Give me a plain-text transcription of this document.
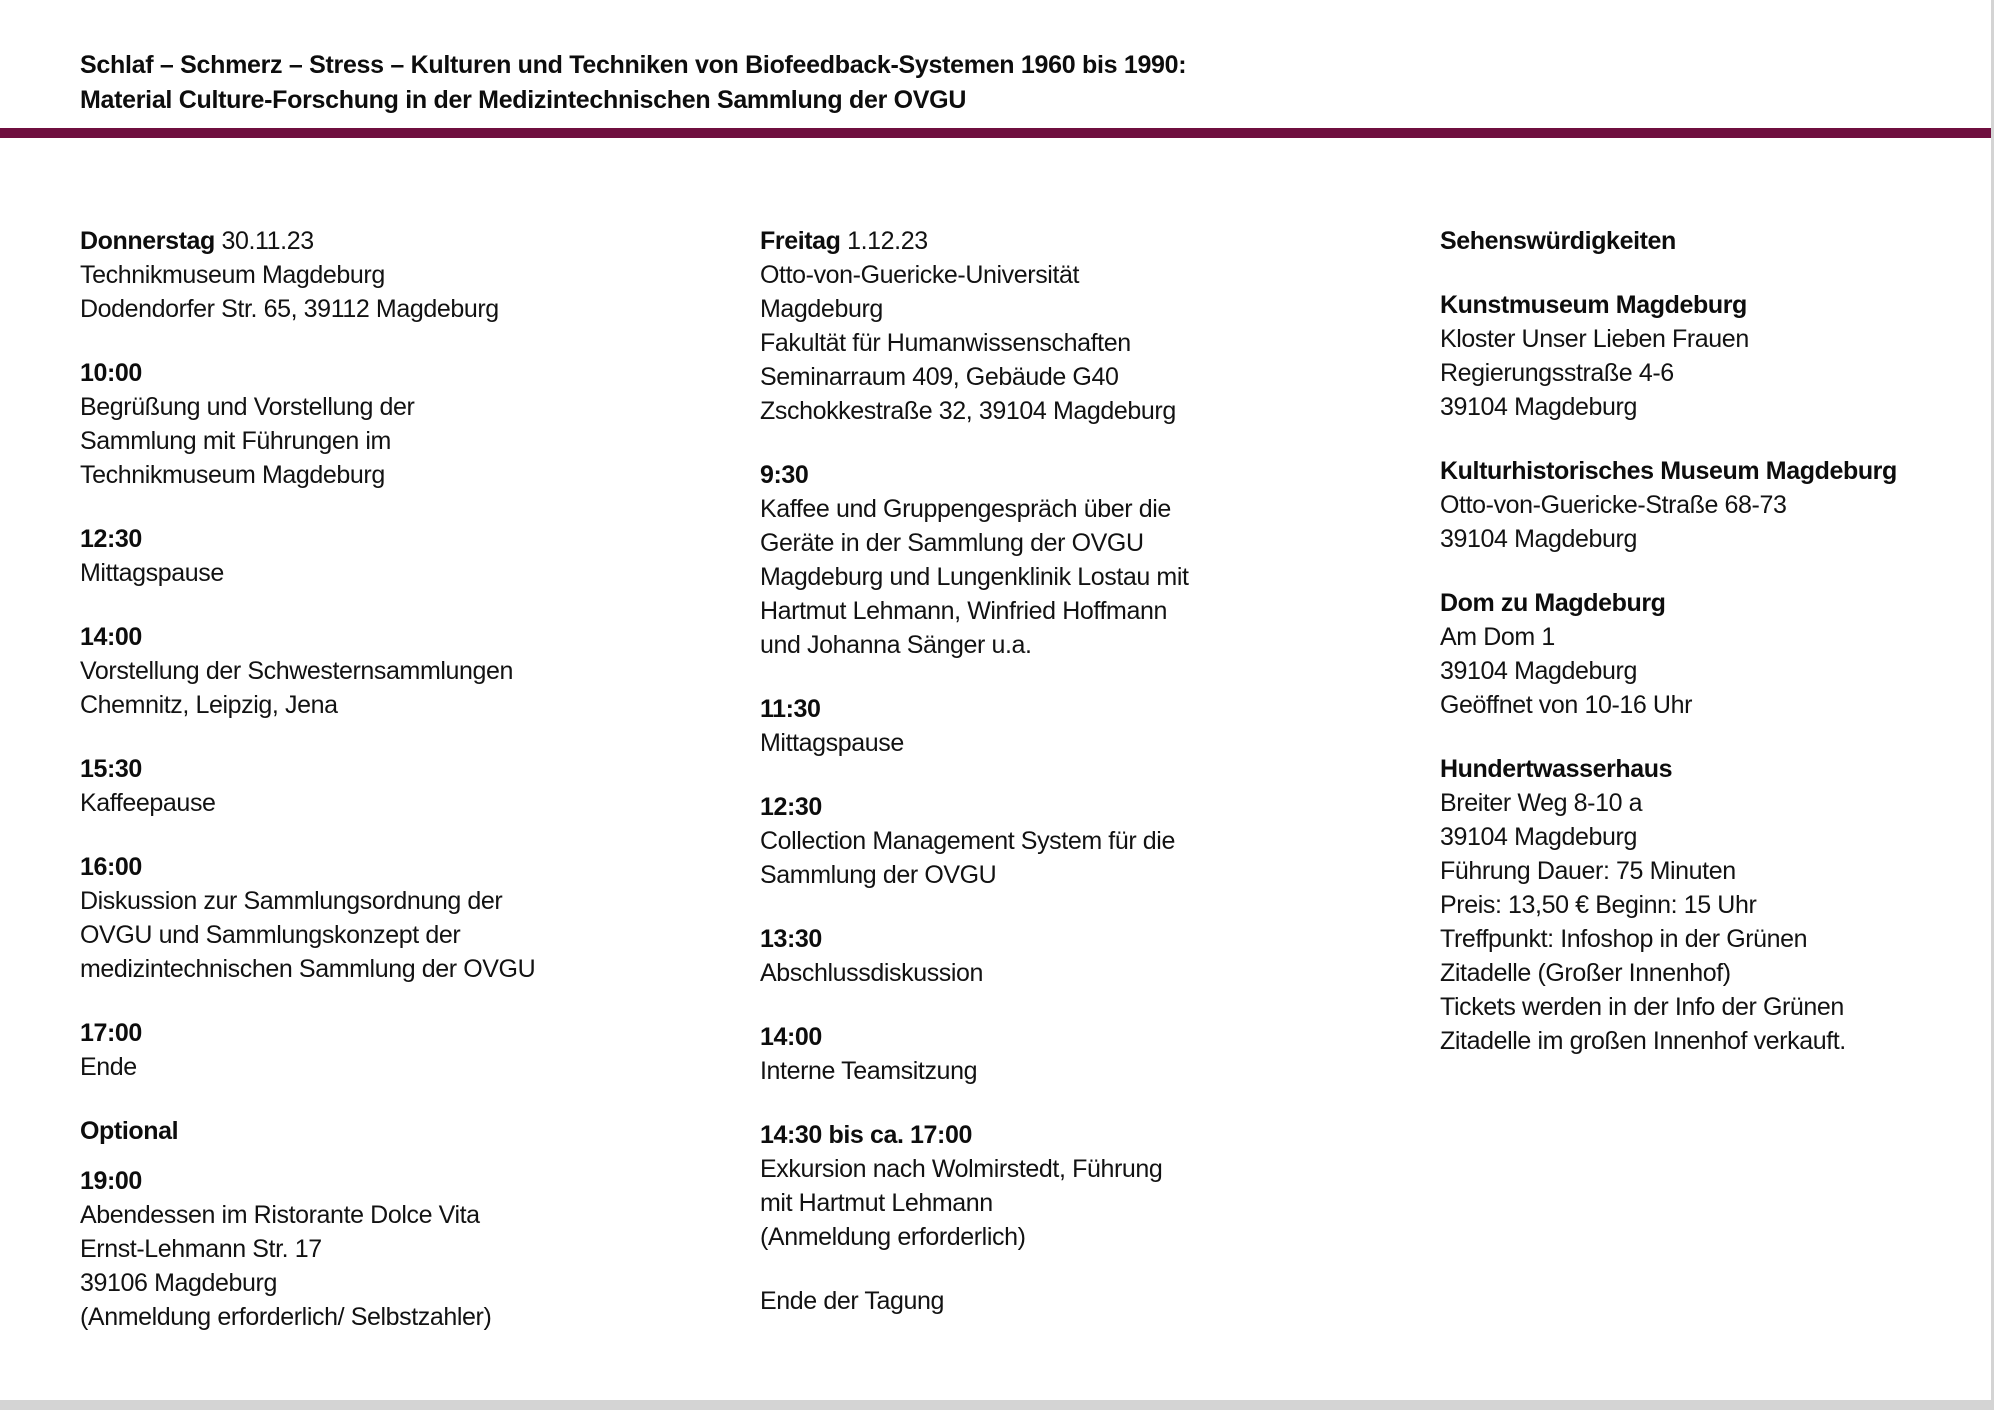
Schlaf – Schmerz – Stress – Kulturen und Techniken von Biofeedback-Systemen 1960 bis 1990:
Material Culture-Forschung in der Medizintechnischen Sammlung der OVGU
Donnerstag 30.11.23
Technikmuseum Magdeburg
Dodendorfer Str. 65, 39112 Magdeburg
10:00
Begrüßung und Vorstellung der
Sammlung mit Führungen im
Technikmuseum Magdeburg
12:30
Mittagspause
14:00
Vorstellung der Schwesternsammlungen
Chemnitz, Leipzig, Jena
15:30
Kaffeepause
16:00
Diskussion zur Sammlungsordnung der
OVGU und Sammlungskonzept der
medizintechnischen Sammlung der OVGU
17:00
Ende
Optional
19:00
Abendessen im Ristorante Dolce Vita
Ernst-Lehmann Str. 17
39106 Magdeburg
(Anmeldung erforderlich/ Selbstzahler)
Freitag 1.12.23
Otto-von-Guericke-Universität
Magdeburg
Fakultät für Humanwissenschaften
Seminarraum 409, Gebäude G40
Zschokkestraße 32, 39104 Magdeburg
9:30
Kaffee und Gruppengespräch über die
Geräte in der Sammlung der OVGU
Magdeburg und Lungenklinik Lostau mit
Hartmut Lehmann, Winfried Hoffmann
und Johanna Sänger u.a.
11:30
Mittagspause
12:30
Collection Management System für die
Sammlung der OVGU
13:30
Abschlussdiskussion
14:00
Interne Teamsitzung
14:30 bis ca. 17:00
Exkursion nach Wolmirstedt, Führung
mit Hartmut Lehmann
(Anmeldung erforderlich)
Ende der Tagung
Sehenswürdigkeiten
Kunstmuseum Magdeburg
Kloster Unser Lieben Frauen
Regierungsstraße 4-6
39104 Magdeburg
Kulturhistorisches Museum Magdeburg
Otto-von-Guericke-Straße 68-73
39104 Magdeburg
Dom zu Magdeburg
Am Dom 1
39104 Magdeburg
Geöffnet von 10-16 Uhr
Hundertwasserhaus
Breiter Weg 8-10 a
39104 Magdeburg
Führung Dauer: 75 Minuten
Preis: 13,50 € Beginn: 15 Uhr
Treffpunkt: Infoshop in der Grünen
Zitadelle (Großer Innenhof)
Tickets werden in der Info der Grünen
Zitadelle im großen Innenhof verkauft.
